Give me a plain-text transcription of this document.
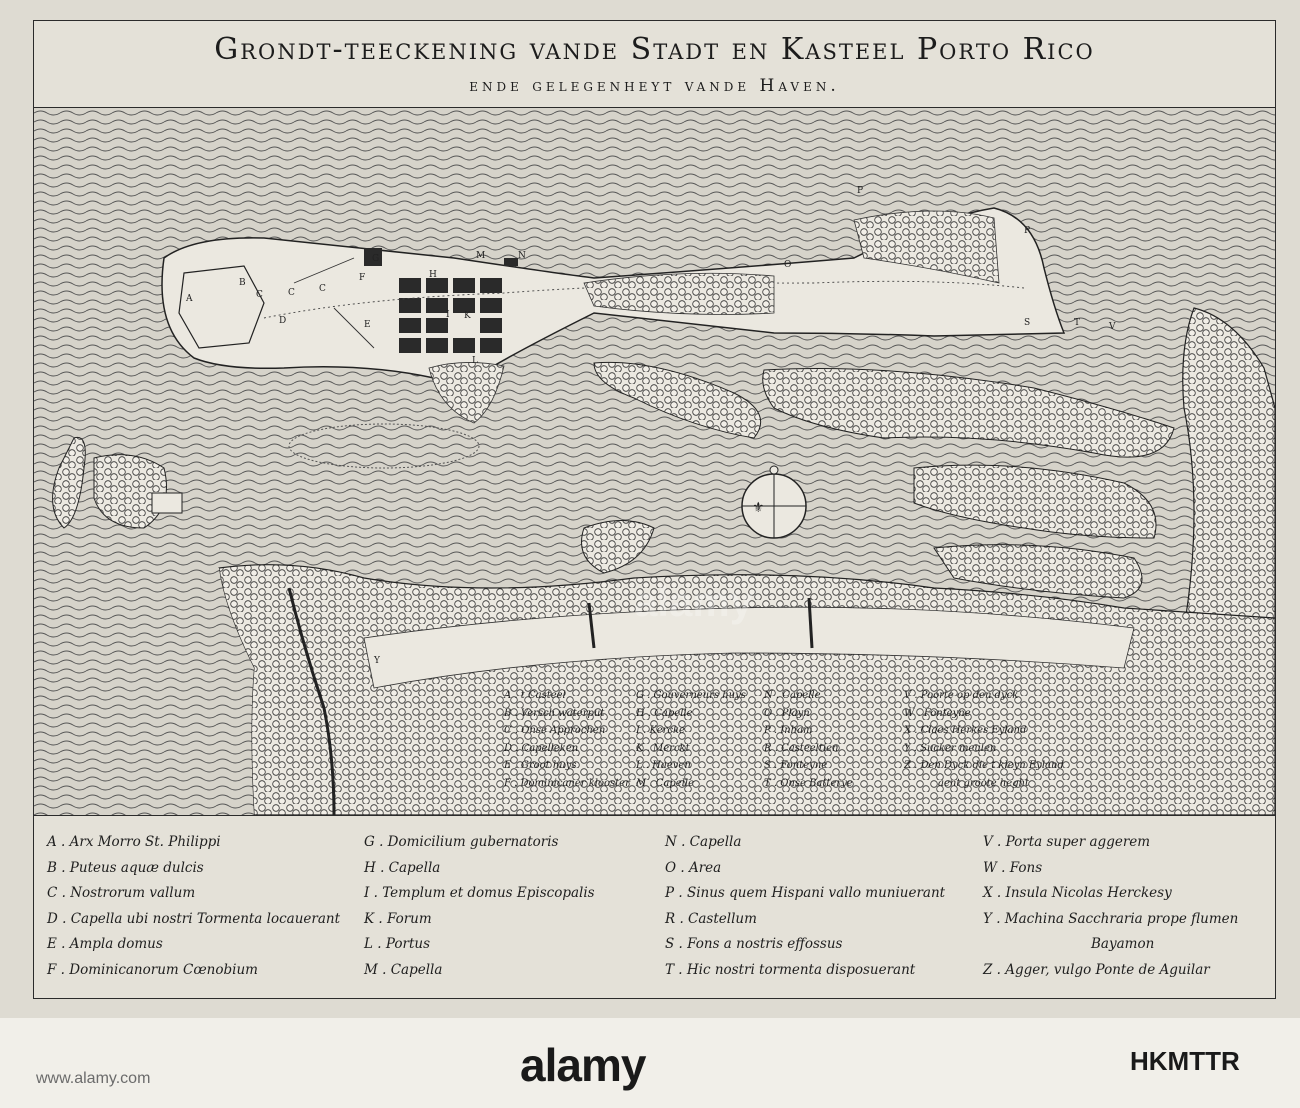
Grondt-teeckening vande Stadt en Kasteel Porto Rico
ende gelegenheyt vande Haven.
⚜
A
B
C	C	C
D	E
F
G
H
I K
L
M	N
O
P
R
S	T	V
Y
alamy
A . t Casteel
B . Versch waterput
C . Onse Approchen
D . Capelleken
E . Groot huys
F . Dominicaner klooster
G . Gouverneurs huys
H . Capelle
I . Kercke
K . Merckt
L . Haeven
M . Capelle
N . Capelle
O . Playn
P . Inham
R . Casteeltien
S . Fonteyne
T . Onse Batterye
V . Poorte op den dyck
W . Fonteyne
X . Claes Herkes Eyland
Y . Sucker meulen
Z . Den Dyck die t kleyn Eyland
aent groote heght
A . Arx Morro St. Philippi
B . Puteus aquæ dulcis
C . Nostrorum vallum
D . Capella ubi nostri Tormenta locauerant
E . Ampla domus
F . Dominicanorum Cœnobium
G . Domicilium gubernatoris
H . Capella
I . Templum et domus Episcopalis
K . Forum
L . Portus
M . Capella
N . Capella
O . Area
P . Sinus quem Hispani vallo muniuerant
R . Castellum
S . Fons a nostris effossus
T . Hic nostri tormenta disposuerant
V . Porta super aggerem
W . Fons
X . Insula Nicolas Herckesy
Y . Machina Sacchraria prope flumen
Bayamon
Z . Agger, vulgo Ponte de Aguilar
alamy	HKMTTR
www.alamy.com
